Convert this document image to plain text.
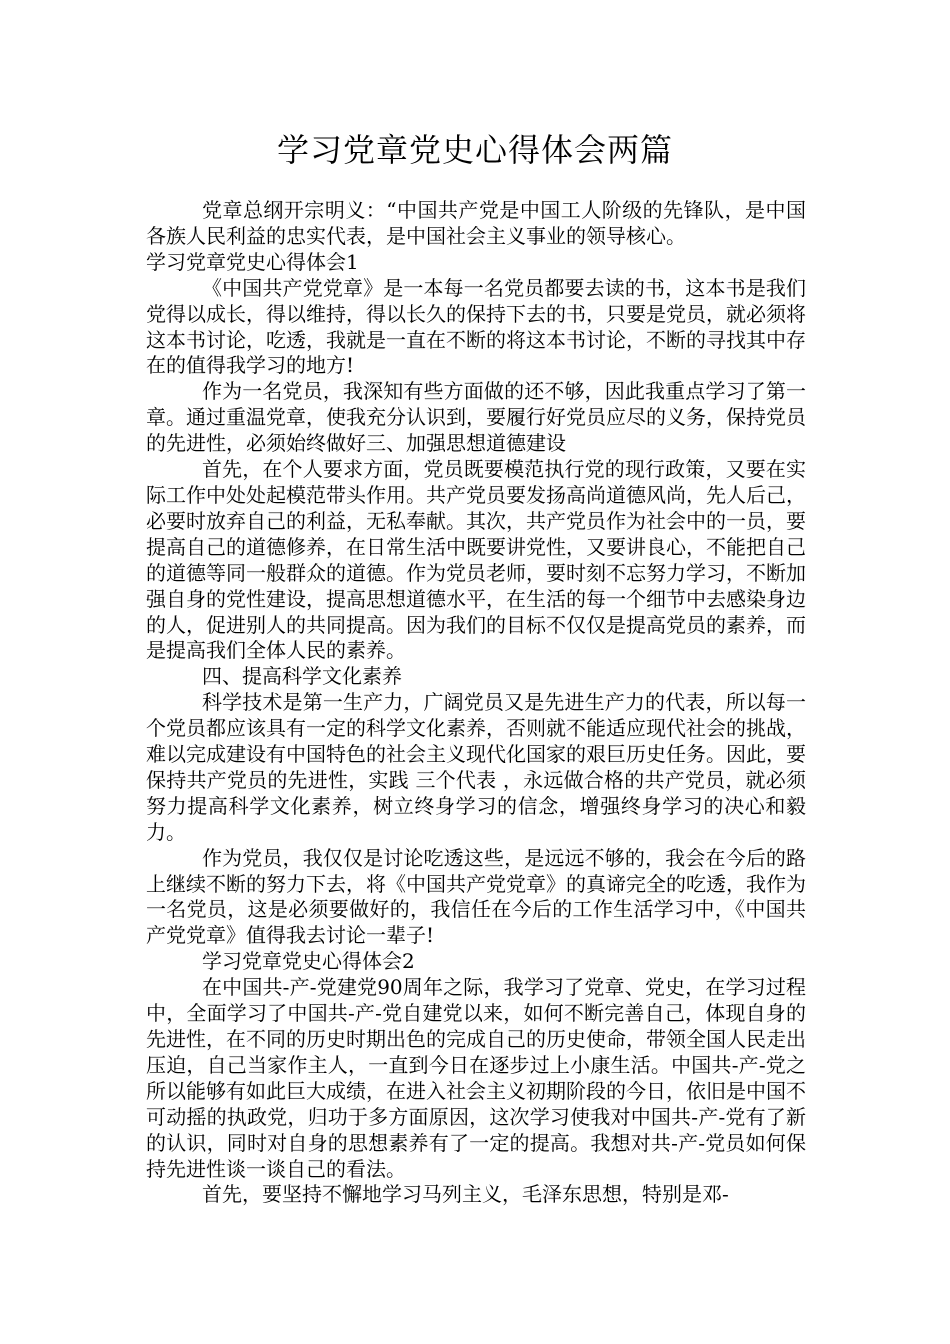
学习党章党史心得体会两篇

党章总纲开宗明义：“中国共产党是中国工人阶级的先锋队，是中国各族人民利益的忠实代表，是中国社会主义事业的领导核心。

学习党章党史心得体会1

《中国共产党党章》是一本每一名党员都要去读的书，这本书是我们党得以成长，得以维持，得以长久的保持下去的书，只要是党员，就必须将这本书讨论，吃透，我就是一直在不断的将这本书讨论，不断的寻找其中存在的值得我学习的地方!

作为一名党员，我深知有些方面做的还不够，因此我重点学习了第一章。通过重温党章，使我充分认识到，要履行好党员应尽的义务，保持党员的先进性，必须始终做好三、加强思想道德建设

首先，在个人要求方面，党员既要模范执行党的现行政策，又要在实际工作中处处起模范带头作用。共产党员要发扬高尚道德风尚，先人后己，必要时放弃自己的利益，无私奉献。其次，共产党员作为社会中的一员，要提高自己的道德修养，在日常生活中既要讲党性，又要讲良心，不能把自己的道德等同一般群众的道德。作为党员老师，要时刻不忘努力学习，不断加强自身的党性建设，提高思想道德水平，在生活的每一个细节中去感染身边的人，促进别人的共同提高。因为我们的目标不仅仅是提高党员的素养，而是提高我们全体人民的素养。

四、提高科学文化素养

科学技术是第一生产力，广阔党员又是先进生产力的代表，所以每一个党员都应该具有一定的科学文化素养，否则就不能适应现代社会的挑战，难以完成建设有中国特色的社会主义现代化国家的艰巨历史任务。因此，要保持共产党员的先进性，实践 三个代表 ，永远做合格的共产党员，就必须努力提高科学文化素养，树立终身学习的信念，增强终身学习的决心和毅力。

作为党员，我仅仅是讨论吃透这些，是远远不够的，我会在今后的路上继续不断的努力下去，将《中国共产党党章》的真谛完全的吃透，我作为一名党员，这是必须要做好的，我信任在今后的工作生活学习中，《中国共产党党章》值得我去讨论一辈子!

学习党章党史心得体会2

在中国共-产-党建党90周年之际，我学习了党章、党史，在学习过程中，全面学习了中国共-产-党自建党以来，如何不断完善自己，体现自身的先进性，在不同的历史时期出色的完成自己的历史使命，带领全国人民走出压迫，自己当家作主人，一直到今日在逐步过上小康生活。中国共-产-党之所以能够有如此巨大成绩，在进入社会主义初期阶段的今日，依旧是中国不可动摇的执政党，归功于多方面原因，这次学习使我对中国共-产-党有了新的认识，同时对自身的思想素养有了一定的提高。我想对共-产-党员如何保持先进性谈一谈自己的看法。

首先，要坚持不懈地学习马列主义，毛泽东思想，特别是邓-
